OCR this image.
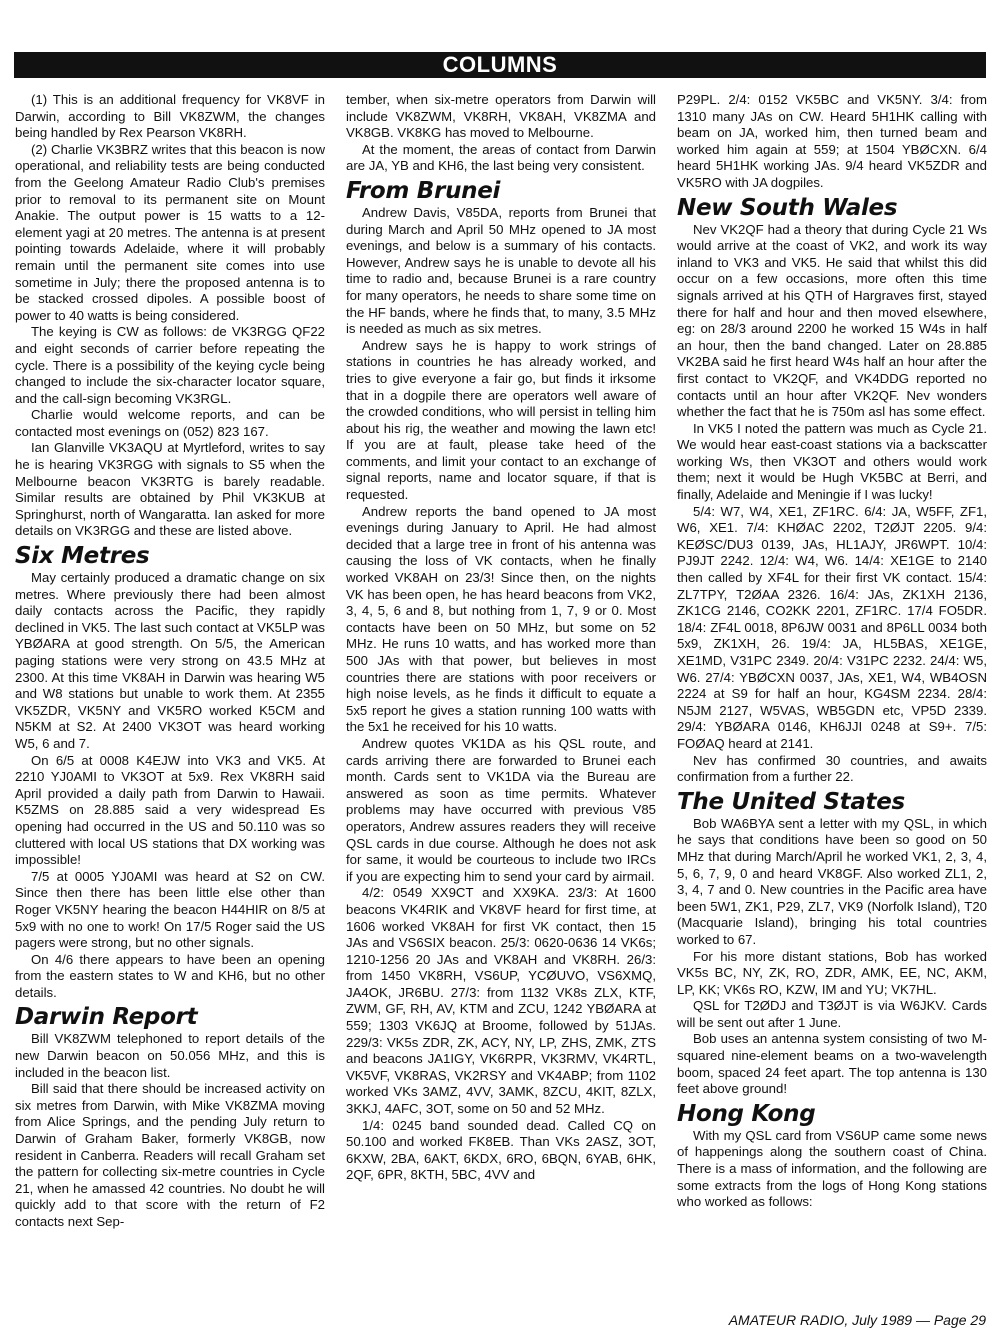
COLUMNS

(1) This is an additional frequency for VK8VF in Darwin, according to Bill VK8ZWM, the changes being handled by Rex Pearson VK8RH.

(2) Charlie VK3BRZ writes that this beacon is now operational, and reliability tests are being conducted from the Geelong Amateur Radio Club's premises prior to removal to its permanent site on Mount Anakie. The output power is 15 watts to a 12-element yagi at 20 metres. The antenna is at present pointing towards Adelaide, where it will probably remain until the permanent site comes into use sometime in July; there the proposed antenna is to be stacked crossed dipoles. A possible boost of power to 40 watts is being considered.

The keying is CW as follows: de VK3RGG QF22 and eight seconds of carrier before repeating the cycle. There is a possibility of the keying cycle being changed to include the six-character locator square, and the call-sign becoming VK3RGL.

Charlie would welcome reports, and can be contacted most evenings on (052) 823 167.

Ian Glanville VK3AQU at Myrtleford, writes to say he is hearing VK3RGG with signals to S5 when the Melbourne beacon VK3RTG is barely readable. Similar results are obtained by Phil VK3KUB at Springhurst, north of Wangaratta. Ian asked for more details on VK3RGG and these are listed above.

Six Metres

May certainly produced a dramatic change on six metres. Where previously there had been almost daily contacts across the Pacific, they rapidly declined in VK5. The last such contact at VK5LP was YBØARA at good strength. On 5/5, the American paging stations were very strong on 43.5 MHz at 2300. At this time VK8AH in Darwin was hearing W5 and W8 stations but unable to work them. At 2355 VK5ZDR, VK5NY and VK5RO worked K5CM and N5KM at S2. At 2400 VK3OT was heard working W5, 6 and 7.

On 6/5 at 0008 K4EJW into VK3 and VK5. At 2210 YJ0AMI to VK3OT at 5x9. Rex VK8RH said April provided a daily path from Darwin to Hawaii. K5ZMS on 28.885 said a very widespread Es opening had occurred in the US and 50.110 was so cluttered with local US stations that DX working was impossible!

7/5 at 0005 YJ0AMI was heard at S2 on CW. Since then there has been little else other than Roger VK5NY hearing the beacon H44HIR on 8/5 at 5x9 with no one to work! On 17/5 Roger said the US pagers were strong, but no other signals.

On 4/6 there appears to have been an opening from the eastern states to W and KH6, but no other details.

Darwin Report

Bill VK8ZWM telephoned to report details of the new Darwin beacon on 50.056 MHz, and this is included in the beacon list.

Bill said that there should be increased activity on six metres from Darwin, with Mike VK8ZMA moving from Alice Springs, and the pending July return to Darwin of Graham Baker, formerly VK8GB, now resident in Canberra. Readers will recall Graham set the pattern for collecting six-metre countries in Cycle 21, when he amassed 42 countries. No doubt he will quickly add to that score with the return of F2 contacts next Sep-

tember, when six-metre operators from Darwin will include VK8ZWM, VK8RH, VK8AH, VK8ZMA and VK8GB. VK8KG has moved to Melbourne.

At the moment, the areas of contact from Darwin are JA, YB and KH6, the last being very consistent.

From Brunei

Andrew Davis, V85DA, reports from Brunei that during March and April 50 MHz opened to JA most evenings, and below is a summary of his contacts. However, Andrew says he is unable to devote all his time to radio and, because Brunei is a rare country for many operators, he needs to share some time on the HF bands, where he finds that, to many, 3.5 MHz is needed as much as six metres.

Andrew says he is happy to work strings of stations in countries he has already worked, and tries to give everyone a fair go, but finds it irksome that in a dogpile there are operators well aware of the crowded conditions, who will persist in telling him about his rig, the weather and mowing the lawn etc! If you are at fault, please take heed of the comments, and limit your contact to an exchange of signal reports, name and locator square, if that is requested.

Andrew reports the band opened to JA most evenings during January to April. He had almost decided that a large tree in front of his antenna was causing the loss of VK contacts, when he finally worked VK8AH on 23/3! Since then, on the nights VK has been open, he has heard beacons from VK2, 3, 4, 5, 6 and 8, but nothing from 1, 7, 9 or 0. Most contacts have been on 50 MHz, but some on 52 MHz. He runs 10 watts, and has worked more than 500 JAs with that power, but believes in most countries there are stations with poor receivers or high noise levels, as he finds it difficult to equate a 5x5 report he gives a station running 100 watts with the 5x1 he received for his 10 watts.

Andrew quotes VK1DA as his QSL route, and cards arriving there are forwarded to Brunei each month. Cards sent to VK1DA via the Bureau are answered as soon as time permits. Whatever problems may have occurred with previous V85 operators, Andrew assures readers they will receive QSL cards in due course. Although he does not ask for same, it would be courteous to include two IRCs if you are expecting him to send your card by airmail.

4/2: 0549 XX9CT and XX9KA. 23/3: At 1600 beacons VK4RIK and VK8VF heard for first time, at 1606 worked VK8AH for first VK contact, then 15 JAs and VS6SIX beacon. 25/3: 0620-0636 14 VK6s; 1210-1256 20 JAs and VK8AH and VK8RH. 26/3: from 1450 VK8RH, VS6UP, YCØUVO, VS6XMQ, JA4OK, JR6BU. 27/3: from 1132 VK8s ZLX, KTF, ZWM, GF, RH, AV, KTM and ZCU, 1242 YBØARA at 559; 1303 VK6JQ at Broome, followed by 51JAs. 229/3: VK5s ZDR, ZK, ACY, NY, LP, ZHS, ZMK, ZTS and beacons JA1IGY, VK6RPR, VK3RMV, VK4RTL, VK5VF, VK8RAS, VK2RSY and VK4ABP; from 1102 worked VKs 3AMZ, 4VV, 3AMK, 8ZCU, 4KIT, 8ZLX, 3KKJ, 4AFC, 3OT, some on 50 and 52 MHz.

1/4: 0245 band sounded dead. Called CQ on 50.100 and worked FK8EB. Than VKs 2ASZ, 3OT, 6KXW, 2BA, 6AKT, 6KDX, 6RO, 6BQN, 6YAB, 6HK, 2QF, 6PR, 8KTH, 5BC, 4VV and

P29PL. 2/4: 0152 VK5BC and VK5NY. 3/4: from 1310 many JAs on CW. Heard 5H1HK calling with beam on JA, worked him, then turned beam and worked him again at 559; at 1504 YBØCXN. 6/4 heard 5H1HK working JAs. 9/4 heard VK5ZDR and VK5RO with JA dogpiles.

New South Wales

Nev VK2QF had a theory that during Cycle 21 Ws would arrive at the coast of VK2, and work its way inland to VK3 and VK5. He said that whilst this did occur on a few occasions, more often this time signals arrived at his QTH of Hargraves first, stayed there for half and hour and then moved elsewhere, eg: on 28/3 around 2200 he worked 15 W4s in half an hour, then the band changed. Later on 28.885 VK2BA said he first heard W4s half an hour after the first contact to VK2QF, and VK4DDG reported no contacts until an hour after VK2QF. Nev wonders whether the fact that he is 750m asl has some effect.

In VK5 I noted the pattern was much as Cycle 21. We would hear east-coast stations via a backscatter working Ws, then VK3OT and others would work them; next it would be Hugh VK5BC at Berri, and finally, Adelaide and Meningie if I was lucky!

5/4: W7, W4, XE1, ZF1RC. 6/4: JA, W5FF, ZF1, W6, XE1. 7/4: KHØAC 2202, T2ØJT 2205. 9/4: KEØSC/DU3 0139, JAs, HL1AJY, JR6WPT. 10/4: PJ9JT 2242. 12/4: W4, W6. 14/4: XE1GE to 2140 then called by XF4L for their first VK contact. 15/4: ZL7TPY, T2ØAA 2326. 16/4: JAs, ZK1XH 2136, ZK1CG 2146, CO2KK 2201, ZF1RC. 17/4 FO5DR. 18/4: ZF4L 0018, 8P6JW 0031 and 8P6LL 0034 both 5x9, ZK1XH, 26. 19/4: JA, HL5BAS, XE1GE, XE1MD, V31PC 2349. 20/4: V31PC 2232. 24/4: W5, W6. 27/4: YBØCXN 0037, JAs, XE1, W4, WB4OSN 2224 at S9 for half an hour, KG4SM 2234. 28/4: N5JM 2127, W5VAS, WB5GDN etc, VP5D 2339. 29/4: YBØARA 0146, KH6JJI 0248 at S9+. 7/5: FOØAQ heard at 2141.

Nev has confirmed 30 countries, and awaits confirmation from a further 22.

The United States

Bob WA6BYA sent a letter with my QSL, in which he says that conditions have been so good on 50 MHz that during March/April he worked VK1, 2, 3, 4, 5, 6, 7, 9, 0 and heard VK8GF. Also worked ZL1, 2, 3, 4, 7 and 0. New countries in the Pacific area have been 5W1, ZK1, P29, ZL7, VK9 (Norfolk Island), T20 (Macquarie Island), bringing his total countries worked to 67.

For his more distant stations, Bob has worked VK5s BC, NY, ZK, RO, ZDR, AMK, EE, NC, AKM, LP, KK; VK6s RO, KZW, IM and YU; VK7HL.

QSL for T2ØDJ and T3ØJT is via W6JKV. Cards will be sent out after 1 June.

Bob uses an antenna system consisting of two M-squared nine-element beams on a two-wavelength boom, spaced 24 feet apart. The top antenna is 130 feet above ground!

Hong Kong

With my QSL card from VS6UP came some news of happenings along the southern coast of China. There is a mass of information, and the following are some extracts from the logs of Hong Kong stations who worked as follows:

AMATEUR RADIO, July 1989 — Page 29
